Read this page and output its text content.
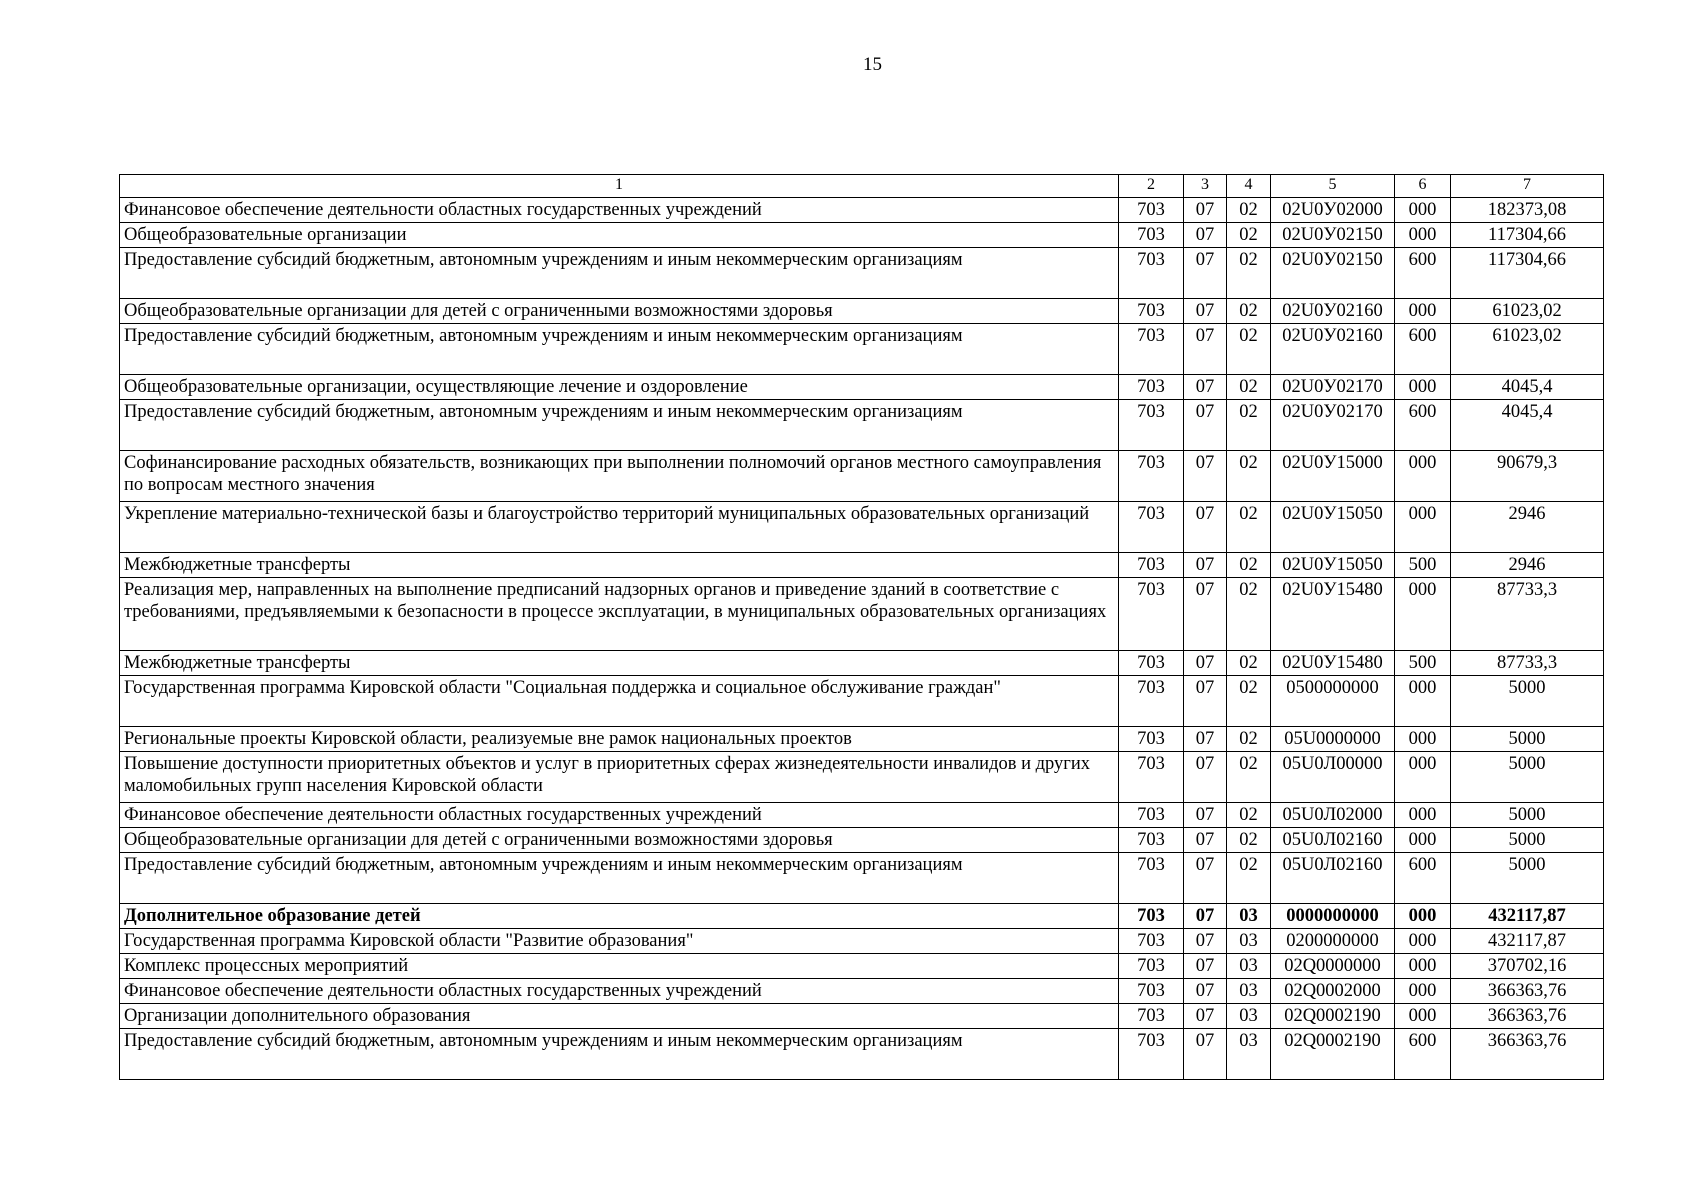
15
1	2	3	4	5	6	7
Финансовое обеспечение деятельности областных государственных учреждений	703	07	02	02U0У02000	000	182373,08
Общеобразовательные организации	703	07	02	02U0У02150	000	117304,66
Предоставление субсидий бюджетным, автономным учреждениям и иным некоммерческим организациям	703	07	02	02U0У02150	600	117304,66
Общеобразовательные организации для детей с ограниченными возможностями здоровья	703	07	02	02U0У02160	000	61023,02
Предоставление субсидий бюджетным, автономным учреждениям и иным некоммерческим организациям	703	07	02	02U0У02160	600	61023,02
Общеобразовательные организации, осуществляющие лечение и оздоровление	703	07	02	02U0У02170	000	4045,4
Предоставление субсидий бюджетным, автономным учреждениям и иным некоммерческим организациям	703	07	02	02U0У02170	600	4045,4
Софинансирование расходных обязательств, возникающих при выполнении полномочий органов местного самоуправления по вопросам местного значения	703	07	02	02U0У15000	000	90679,3
Укрепление материально-технической базы и благоустройство территорий муниципальных образовательных организаций	703	07	02	02U0У15050	000	2946
Межбюджетные трансферты	703	07	02	02U0У15050	500	2946
Реализация мер, направленных на выполнение предписаний надзорных органов и приведение зданий в соответствие с требованиями, предъявляемыми к безопасности в процессе эксплуатации, в муниципальных образовательных организациях	703	07	02	02U0У15480	000	87733,3
Межбюджетные трансферты	703	07	02	02U0У15480	500	87733,3
Государственная программа Кировской области "Социальная поддержка и социальное обслуживание граждан"	703	07	02	0500000000	000	5000
Региональные проекты Кировской области, реализуемые вне рамок национальных проектов	703	07	02	05U0000000	000	5000
Повышение доступности приоритетных объектов и услуг в приоритетных сферах жизнедеятельности инвалидов и других маломобильных групп населения Кировской области	703	07	02	05U0Л00000	000	5000
Финансовое обеспечение деятельности областных государственных учреждений	703	07	02	05U0Л02000	000	5000
Общеобразовательные организации для детей с ограниченными возможностями здоровья	703	07	02	05U0Л02160	000	5000
Предоставление субсидий бюджетным, автономным учреждениям и иным некоммерческим организациям	703	07	02	05U0Л02160	600	5000
Дополнительное образование детей	703	07	03	0000000000	000	432117,87
Государственная программа Кировской области "Развитие образования"	703	07	03	0200000000	000	432117,87
Комплекс процессных мероприятий	703	07	03	02Q0000000	000	370702,16
Финансовое обеспечение деятельности областных государственных учреждений	703	07	03	02Q0002000	000	366363,76
Организации дополнительного образования	703	07	03	02Q0002190	000	366363,76
Предоставление субсидий бюджетным, автономным учреждениям и иным некоммерческим организациям	703	07	03	02Q0002190	600	366363,76
